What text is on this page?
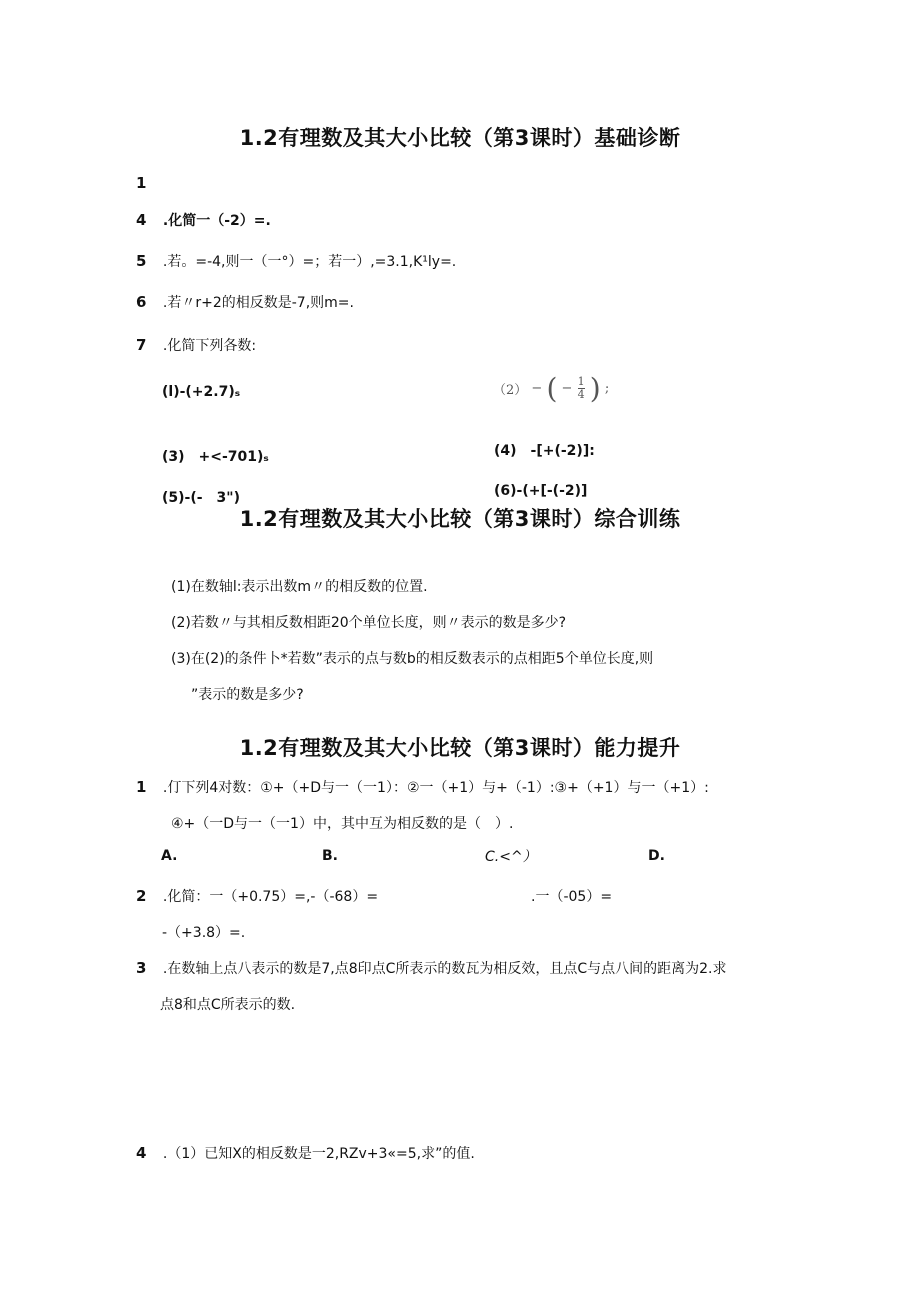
1.2有理数及其大小比较（第3课时）基础诊断
1
4 .化简一（-2）=.
5 .若。=-4,则一（一°）=；若一）,=3.1,K¹ly=.
6 .若〃r+2的相反数是-7,则m=.
7 .化简下列各数:
(l)-(+2.7)ₛ	（2） − ( − $\frac{1}{4}$ ) ;
(3)　+<-701)ₛ	(4)　-[+(-2)]:
(5)-(-　3")	(6)-(+[-(-2)]
1.2有理数及其大小比较（第3课时）综合训练
(1)在数轴l:表示出数m〃的相反数的位置.
(2)若数〃与其相反数相距20个单位长度，则〃表示的数是多少?
(3)在(2)的条件卜*若数”表示的点与数b的相反数表示的点相距5个单位长度,则
”表示的数是多少?
1.2有理数及其大小比较（第3课时）能力提升
1 .仃下列4对数：①+（+D与一（一1）：②一（+1）与+（-1）:③+（+1）与一（+1）:
④+（一D与一（一1）中，其中互为相反数的是（　）.
A.	B.	C.<^）	D.
2 .化简：一（+0.75）=,-（-68）=	.一（-05）=
-（+3.8）=.
3 .在数轴上点八表示的数是7,点8印点C所表示的数瓦为相反效，且点C与点八间的距离为2.求
点8和点C所表示的数.
4 .（1）已知X的相反数是一2,RZv+3«=5,求”的值.
